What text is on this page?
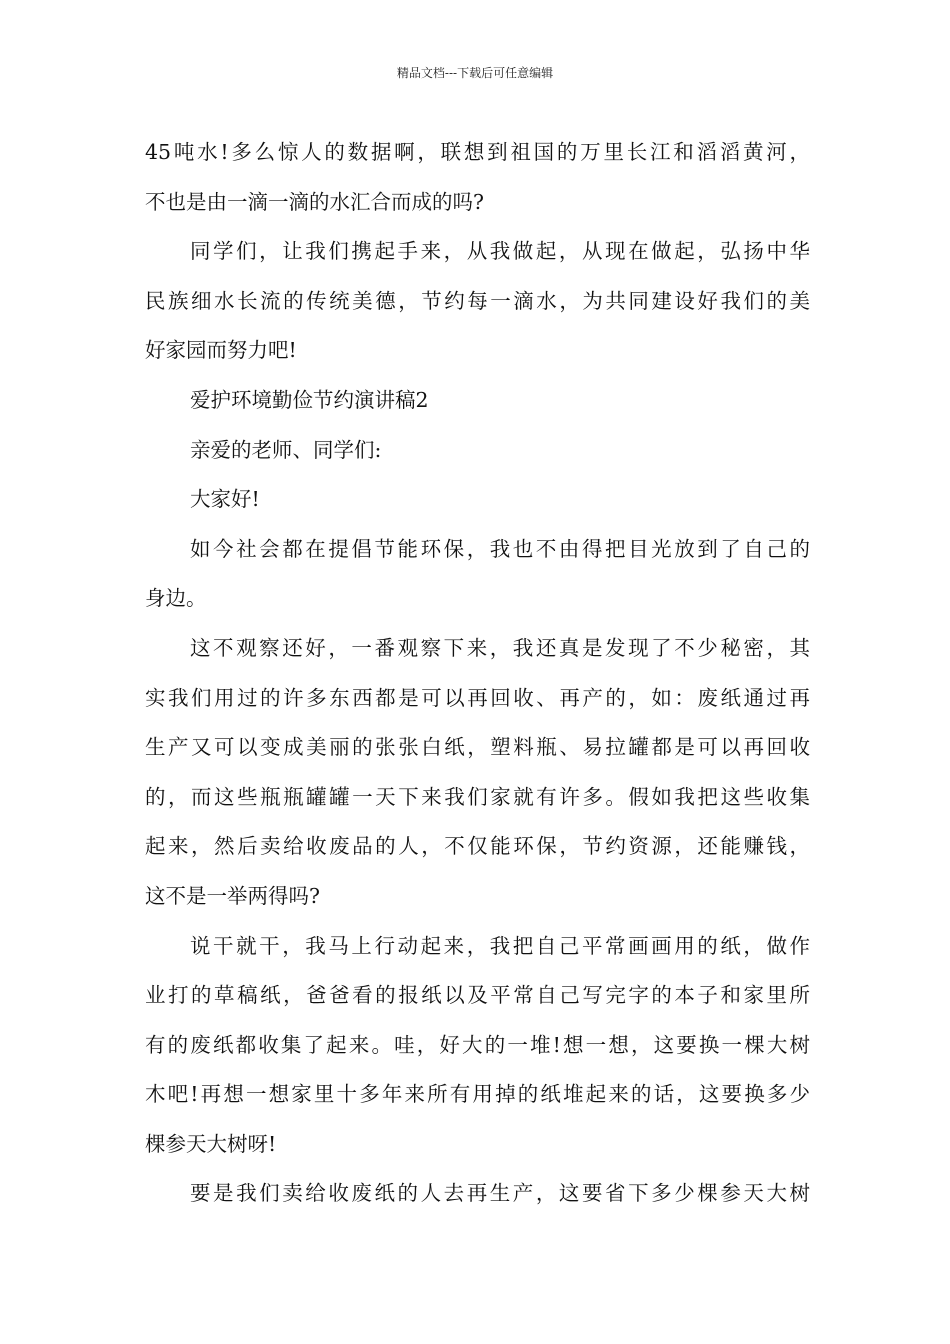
精品文档---下载后可任意编辑
45吨水!多么惊人的数据啊，联想到祖国的万里长江和滔滔黄河，
不也是由一滴一滴的水汇合而成的吗?
同学们，让我们携起手来，从我做起，从现在做起，弘扬中华
民族细水长流的传统美德，节约每一滴水，为共同建设好我们的美
好家园而努力吧!
爱护环境勤俭节约演讲稿2
亲爱的老师、同学们:
大家好!
如今社会都在提倡节能环保，我也不由得把目光放到了自己的
身边。
这不观察还好，一番观察下来，我还真是发现了不少秘密，其
实我们用过的许多东西都是可以再回收、再产的，如：废纸通过再
生产又可以变成美丽的张张白纸，塑料瓶、易拉罐都是可以再回收
的，而这些瓶瓶罐罐一天下来我们家就有许多。假如我把这些收集
起来，然后卖给收废品的人，不仅能环保，节约资源，还能赚钱，
这不是一举两得吗?
说干就干，我马上行动起来，我把自己平常画画用的纸，做作
业打的草稿纸，爸爸看的报纸以及平常自己写完字的本子和家里所
有的废纸都收集了起来。哇，好大的一堆!想一想，这要换一棵大树
木吧!再想一想家里十多年来所有用掉的纸堆起来的话，这要换多少
棵参天大树呀!
要是我们卖给收废纸的人去再生产，这要省下多少棵参天大树
